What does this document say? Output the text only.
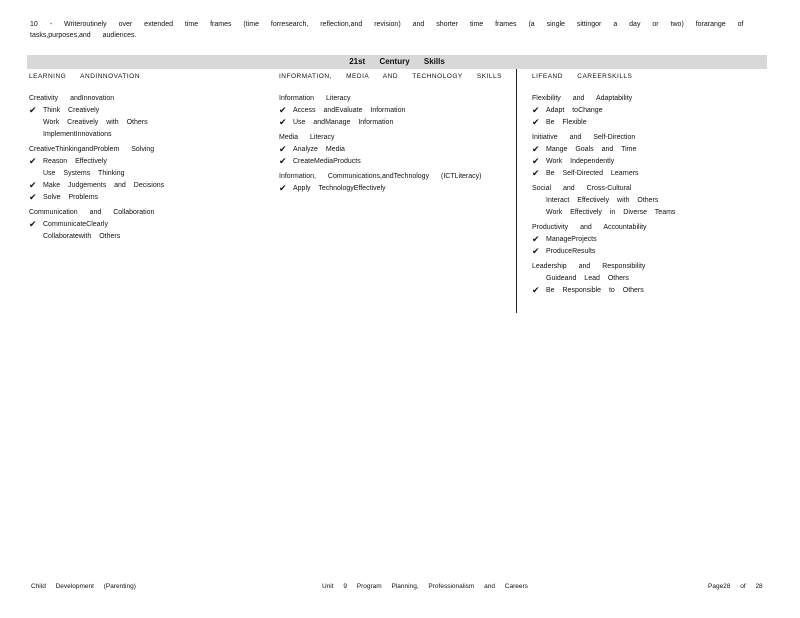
10 - Writeroutinely over extended time frames (time forresearch, reflection,and revision) and shorter time frames (a single sittingor a day or two) forarange of tasks,purposes,and audiences.
21st Century Skills
LEARNING ANDINNOVATION
Creativity andInnovation
✔ Think Creatively
Work Creatively with Others
ImplementInnovations
CreativeThinkingandProblem Solving
✔ Reason Effectively
Use Systems Thinking
✔ Make Judgements and Decisions
✔ Solve Problems
Communication and Collaboration
✔ CommunicateClearly
Collaboratewith Others
INFORMATION, MEDIA AND TECHNOLOGY SKILLS
Information Literacy
✔ Access andEvaluate Information
✔ Use andManage Information
Media Literacy
✔ Analyze Media
✔ CreateMediaProducts
Information, Communications,andTechnology (ICTLiteracy)
✔ Apply TechnologyEffectively
LIFEAND CAREERSKILLS
Flexibility and Adaptability
✔ Adapt toChange
✔ Be Flexible
Initiative and Self-Direction
✔ Mange Goals and Time
✔ Work Independently
✔ Be Self-Directed Learners
Social and Cross-Cultural
Interact Effectively with Others
Work Effectively in Diverse Teams
Productivity and Accountability
✔ ManageProjects
✔ ProduceResults
Leadership and Responsibility
Guideand Lead Others
✔ Be Responsible to Others
Child Development (Parenting)	Unit 9 Program Planning, Professionalism and Careers	Page28 of 28
